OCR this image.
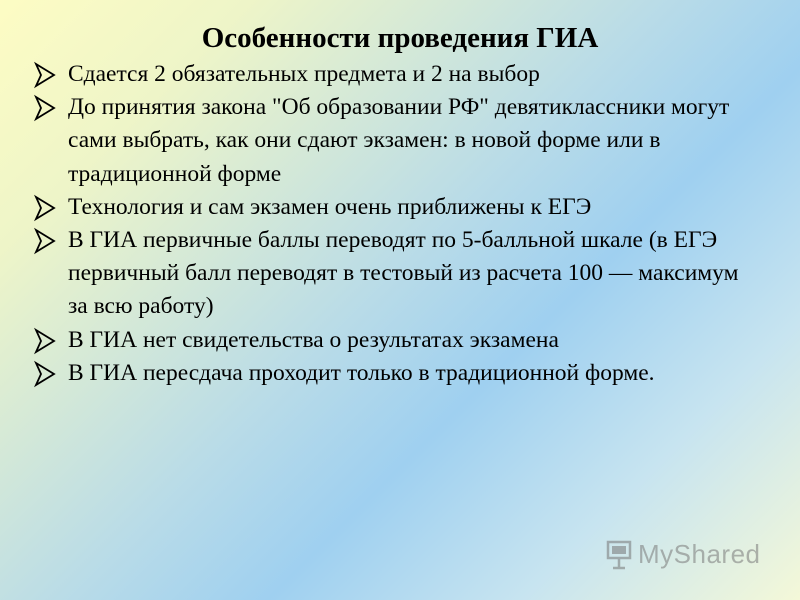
Особенности проведения ГИА
Сдается 2 обязательных предмета и 2 на выбор
До принятия закона "Об образовании РФ" девятиклассники могут сами выбрать, как они сдают экзамен: в новой форме или в традиционной форме
Технология и сам экзамен очень приближены к ЕГЭ
В ГИА первичные баллы переводят по 5-балльной шкале (в ЕГЭ первичный балл переводят в тестовый из расчета 100 — максимум за всю работу)
В ГИА нет свидетельства о результатах экзамена
В ГИА пересдача проходит только в традиционной форме.
MyShared
